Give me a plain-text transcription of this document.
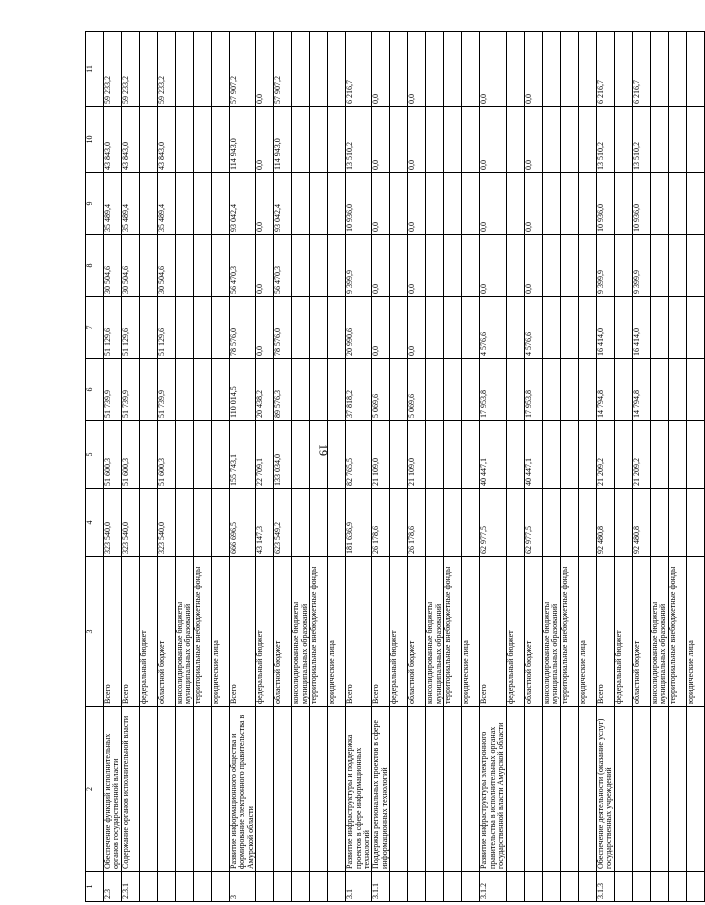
19
1	2	3	4	5	6	7	8	9	10	11
2.3	Обеспечение функций исполнительных органов государственной власти	Всего	323 540,0	51 600,3	51 739,9	51 129,6	30 504,6	35 489,4	43 843,0	59 233,2
2.3.1	Содержание органов исполнительной власти	Всего	323 540,0	51 600,3	51 739,9	51 129,6	30 504,6	35 489,4	43 843,0	59 233,2
		федеральный бюджет								
		областной бюджет	323 540,0	51 600,3	51 739,9	51 129,6	30 504,6	35 489,4	43 843,0	59 233,2
		консолидированные бюджеты муниципальных образований								
		территориальные внебюджетные фонды								
		юридические лица								
3	Развитие информационного общества и формирование электронного правительства в Амурской области	Всего	666 696,5	155 743,1	110 014,5	78 576,0	56 470,3	93 042,4	114 943,0	57 907,2
		федеральный бюджет	43 147,3	22 709,1	20 438,2	0,0	0,0	0,0	0,0	0,0
		областной бюджет	623 549,2	133 034,0	89 576,3	78 576,0	56 470,3	93 042,4	114 943,0	57 907,2
		консолидированные бюджеты муниципальных образований								
		территориальные внебюджетные фонды								
		юридические лица								
3.1	Развитие инфраструктуры и поддержка проектов в сфере информационных технологий	Всего	181 636,9	82 765,5	37 818,2	20 990,6	9 399,9	10 936,0	13 510,2	6 216,7
3.1.1	Поддержка региональных проектов в сфере информационных технологий	Всего	26 178,6	21 109,0	5 069,6	0,0	0,0	0,0	0,0	0,0
		федеральный бюджет								
		областной бюджет	26 178,6	21 109,0	5 069,6	0,0	0,0	0,0	0,0	0,0
		консолидированные бюджеты муниципальных образований								
		территориальные внебюджетные фонды								
		юридические лица								
3.1.2	Развитие инфраструктуры электронного правительства в исполнительных органах государственной власти Амурской области	Всего	62 977,5	40 447,1	17 953,8	4 576,6	0,0	0,0	0,0	0,0
		федеральный бюджет								
		областной бюджет	62 977,5	40 447,1	17 953,8	4 576,6	0,0	0,0	0,0	0,0
		консолидированные бюджеты муниципальных образований								
		территориальные внебюджетные фонды								
		юридические лица								
3.1.3	Обеспечение деятельности (оказание услуг) государственных учреждений	Всего	92 480,8	21 209,2	14 794,8	16 414,0	9 399,9	10 936,0	13 510,2	6 216,7
		федеральный бюджет								
		областной бюджет	92 480,8	21 209,2	14 794,8	16 414,0	9 399,9	10 936,0	13 510,2	6 216,7
		консолидированные бюджеты муниципальных образований								
		территориальные внебюджетные фонды								
		юридические лица								
